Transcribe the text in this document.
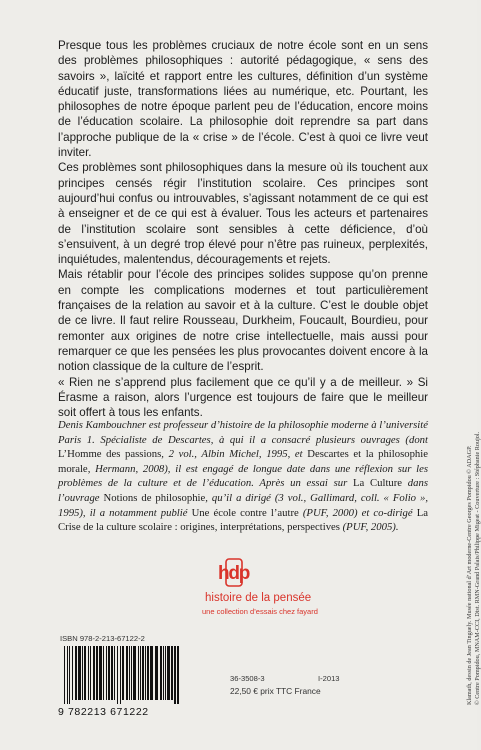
Presque tous les problèmes cruciaux de notre école sont en un sens des problèmes philosophiques : autorité pédagogique, « sens des savoirs », laïcité et rapport entre les cultures, définition d’un système éducatif juste, transformations liées au numérique, etc. Pourtant, les philosophes de notre époque parlent peu de l’éducation, encore moins de l’éducation scolaire. La philosophie doit reprendre sa part dans l’approche publique de la « crise » de l’école. C’est à quoi ce livre veut inviter.

Ces problèmes sont philosophiques dans la mesure où ils touchent aux principes censés régir l’institution scolaire. Ces principes sont aujourd’hui confus ou introuvables, s’agissant notamment de ce qui est à enseigner et de ce qui est à évaluer. Tous les acteurs et partenaires de l’institution scolaire sont sensibles à cette déficience, d’où s’ensuivent, à un degré trop élevé pour n’être pas ruineux, perplexités, inquiétudes, malentendus, découragements et rejets.

Mais rétablir pour l’école des principes solides suppose qu’on prenne en compte les complications modernes et tout particulièrement françaises de la relation au savoir et à la culture. C’est le double objet de ce livre. Il faut relire Rousseau, Durkheim, Foucault, Bourdieu, pour remonter aux origines de notre crise intellectuelle, mais aussi pour remarquer ce que les pensées les plus provocantes doivent encore à la notion classique de la culture de l’esprit.

« Rien ne s’apprend plus facilement que ce qu’il y a de meilleur. » Si Érasme a raison, alors l’urgence est toujours de faire que le meilleur soit offert à tous les enfants.

Denis Kambouchner est professeur d’histoire de la philosophie moderne à l’université Paris 1. Spécialiste de Descartes, à qui il a consacré plusieurs ouvrages (dont L’Homme des passions, 2 vol., Albin Michel, 1995, et Descartes et la philosophie morale, Hermann, 2008), il est engagé de longue date dans une réflexion sur les problèmes de la culture et de l’éducation. Après un essai sur La Culture dans l’ouvrage Notions de philosophie, qu’il a dirigé (3 vol., Gallimard, coll. « Folio », 1995), il a notamment publié Une école contre l’autre (PUF, 2000) et co-dirigé La Crise de la culture scolaire : origines, interprétations, perspectives (PUF, 2005).
hdp
histoire de la pensée
une collection d’essais chez fayard
ISBN 978-2-213-67122-2
9 782213 671222
36-3508-3	I-2013
22,50 € prix TTC France	Klamath, dessin de Jean Tinguely. Musée national d’Art moderne-Centre Georges Pompidou © ADAGP. © Centre Pompidou, MNAM-CCI, Dist. RMN-Grand Palais/Philippe Migeat - Couverture : Stéphanie Roujol.
